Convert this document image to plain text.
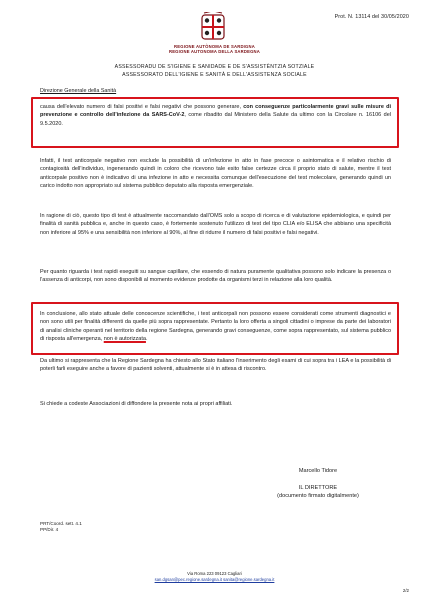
Prot. N. 13114 del 30/05/2020
REGIONE AUTÒNOMA DE SARDIGNA
REGIONE AUTONOMA DELLA SARDEGNA
ASSESSORADU DE S'IGIENE E SANIDADE E DE S'ASSISTÈNTZIA SOTZIALE
ASSESSORATO DELL'IGIENE E SANITÀ E DELL'ASSISTENZA SOCIALE
Direzione Generale della Sanità
causa dell'elevato numero di falsi positivi e falsi negativi che possono generare, con conseguenze particolarmente gravi sulle misure di prevenzione e controllo dell'infezione da SARS-CoV-2, come ribadito dal Ministero della Salute da ultimo con la Circolare n. 16106 del 9.5.2020.
Infatti, il test anticorpale negativo non esclude la possibilità di un'infezione in atto in fase precoce o asintomatica e il relativo rischio di contagiosità dell'individuo, ingenerando quindi in coloro che ricevono tale esito false certezze circa il proprio stato di salute, mentre il test anticorpale positivo non è indicativo di una infezione in atto e necessita comunque dell'esecuzione del test molecolare, generando quindi un carico indotto non appropriato sul sistema pubblico deputato alla risposta emergenziale.
In ragione di ciò, questo tipo di test è attualmente raccomandato dall'OMS solo a scopo di ricerca e di valutazione epidemiologica, e quindi per finalità di sanità pubblica e, anche in questo caso, è fortemente sostenuto l'utilizzo di test del tipo CLIA e/o ELISA che abbiano una specificità non inferiore al 95% e una sensibilità non inferiore al 90%, al fine di ridurre il numero di falsi positivi e falsi negativi.
Per quanto riguarda i test rapidi eseguiti su sangue capillare, che essendo di natura puramente qualitativa possono solo indicare la presenza o l'assenza di anticorpi, non sono disponibili al momento evidenze prodotte da organismi terzi in relazione alla loro qualità.
In conclusione, allo stato attuale delle conoscenze scientifiche, i test anticorpali non possono essere considerati come strumenti diagnostici e non sono utili per finalità differenti da quelle più sopra rappresentate. Pertanto la loro offerta a singoli cittadini o imprese da parte dei laboratori di analisi cliniche operanti nel territorio della regione Sardegna, generando gravi conseguenze, come sopra rappresentato, sul sistema pubblico di risposta all'emergenza, non è autorizzata.
Da ultimo si rappresenta che la Regione Sardegna ha chiesto allo Stato italiano l'inserimento degli esami di cui sopra tra i LEA e la possibilità di poterli farli eseguire anche a favore di pazienti solventi, attualmente si è in attesa di riscontro.
Si chiede a codeste Associazioni di diffondere la presente nota ai propri affiliati.
Marcello Tidore
IL DIRETTORE
(documento firmato digitalmente)
PRT/Coord. sett. 4.1
PP/Dir. 4
Via Roma 223 09123 Cagliari
san.dgsan@pec.regione.sardegna.it sanita@regione.sardegna.it
2/2
